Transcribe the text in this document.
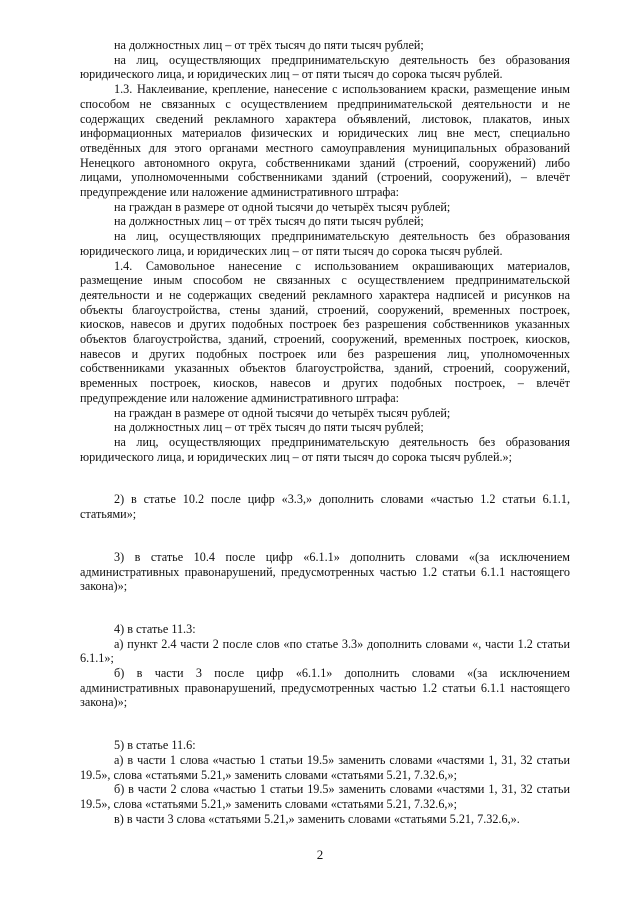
на должностных лиц – от трёх тысяч до пяти тысяч рублей;

на лиц, осуществляющих предпринимательскую деятельность без образования юридического лица, и юридических лиц – от пяти тысяч до сорока тысяч рублей.

1.3. Наклеивание, крепление, нанесение с использованием краски, размещение иным способом не связанных с осуществлением предпринимательской деятельности и не содержащих сведений рекламного характера объявлений, листовок, плакатов, иных информационных материалов физических и юридических лиц вне мест, специально отведённых для этого органами местного самоуправления муниципальных образований Ненецкого автономного округа, собственниками зданий (строений, сооружений) либо лицами, уполномоченными собственниками зданий (строений, сооружений), – влечёт предупреждение или наложение административного штрафа:

на граждан в размере от одной тысячи до четырёх тысяч рублей;

на должностных лиц – от трёх тысяч до пяти тысяч рублей;

на лиц, осуществляющих предпринимательскую деятельность без образования юридического лица, и юридических лиц – от пяти тысяч до сорока тысяч рублей.

1.4. Самовольное нанесение с использованием окрашивающих материалов, размещение иным способом не связанных с осуществлением предпринимательской деятельности и не содержащих сведений рекламного характера надписей и рисунков на объекты благоустройства, стены зданий, строений, сооружений, временных построек, киосков, навесов и других подобных построек без разрешения собственников указанных объектов благоустройства, зданий, строений, сооружений, временных построек, киосков, навесов и других подобных построек или без разрешения лиц, уполномоченных собственниками указанных объектов благоустройства, зданий, строений, сооружений, временных построек, киосков, навесов и других подобных построек, – влечёт предупреждение или наложение административного штрафа:

на граждан в размере от одной тысячи до четырёх тысяч рублей;

на должностных лиц – от трёх тысяч до пяти тысяч рублей;

на лиц, осуществляющих предпринимательскую деятельность без образования юридического лица, и юридических лиц – от пяти тысяч до сорока тысяч рублей.»;

2) в статье 10.2 после цифр «3.3,» дополнить словами «частью 1.2 статьи 6.1.1, статьями»;

3) в статье 10.4 после цифр «6.1.1» дополнить словами «(за исключением административных правонарушений, предусмотренных частью 1.2 статьи 6.1.1 настоящего закона)»;

4) в статье 11.3:

а) пункт 2.4 части 2 после слов «по статье 3.3» дополнить словами «, части 1.2 статьи 6.1.1»;

б) в части 3 после цифр «6.1.1» дополнить словами «(за исключением административных правонарушений, предусмотренных частью 1.2 статьи 6.1.1 настоящего закона)»;

5) в статье 11.6:

а) в части 1 слова «частью 1 статьи 19.5» заменить словами «частями 1, 31, 32 статьи 19.5», слова «статьями 5.21,» заменить словами «статьями 5.21, 7.32.6,»;

б) в части 2 слова «частью 1 статьи 19.5» заменить словами «частями 1, 31, 32 статьи 19.5», слова «статьями 5.21,» заменить словами «статьями 5.21, 7.32.6,»;

в) в части 3 слова «статьями 5.21,» заменить словами «статьями 5.21, 7.32.6,».

2
